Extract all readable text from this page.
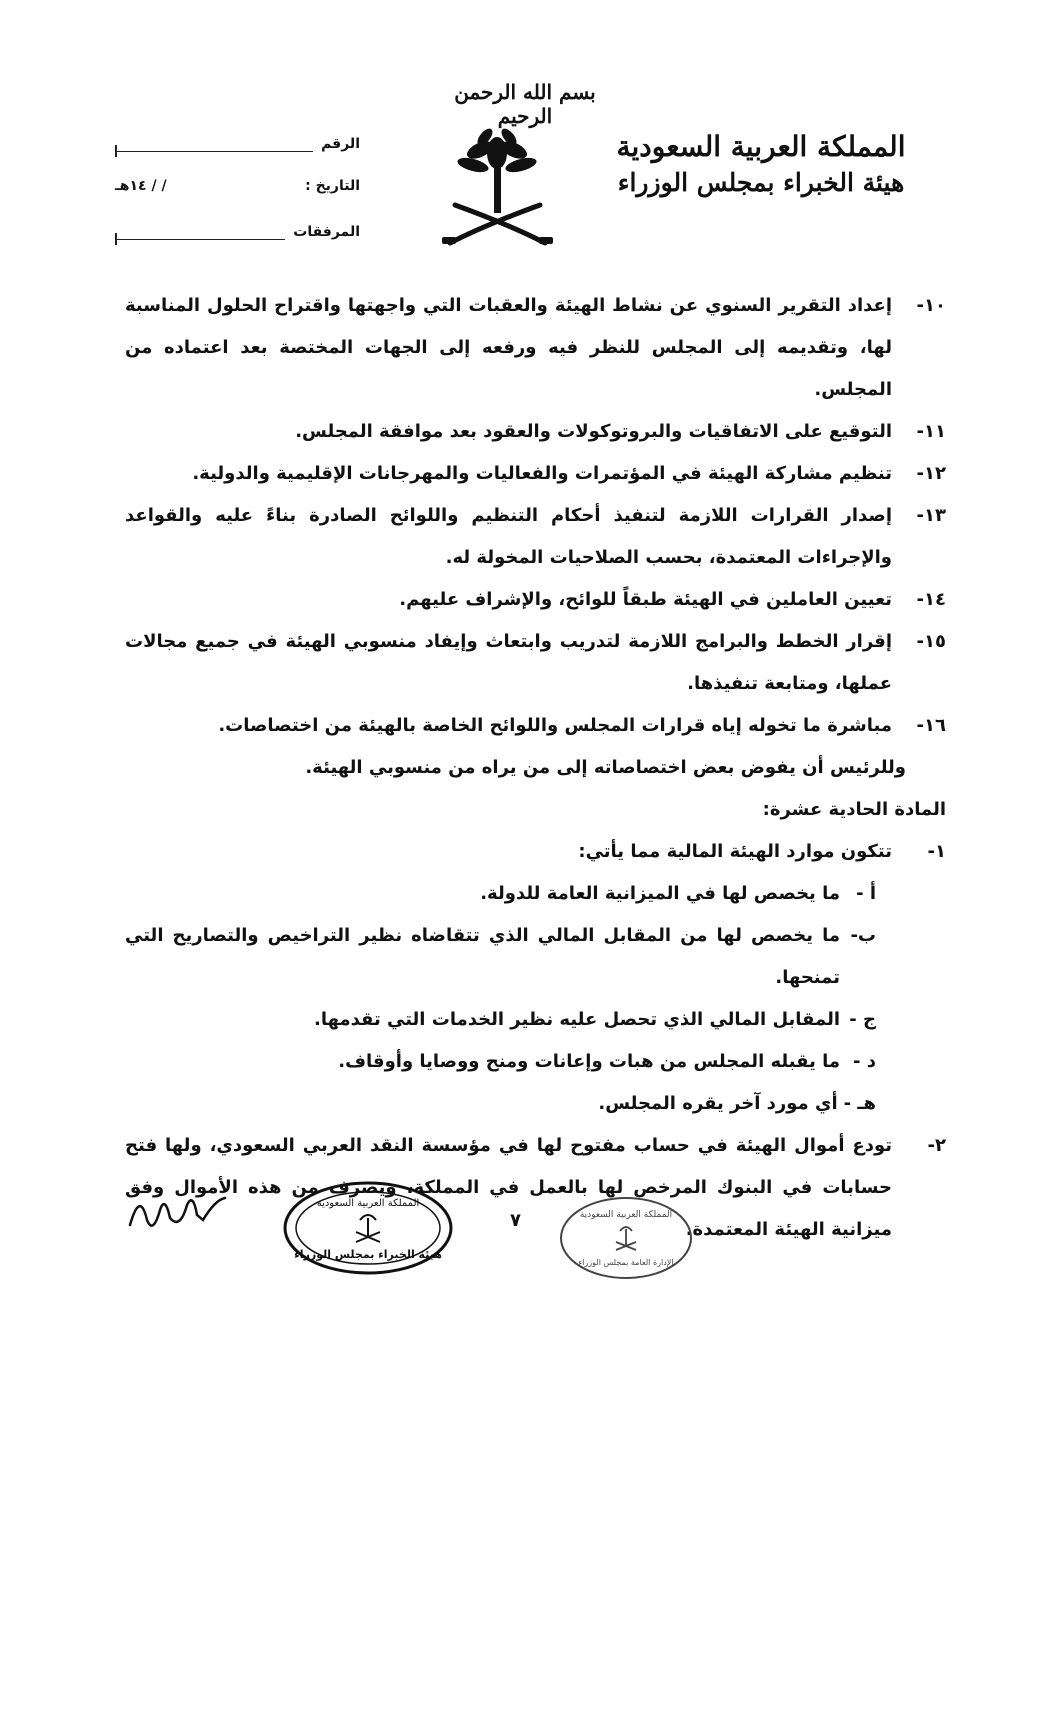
بسم الله الرحمن الرحيم
المملكة العربية السعودية
هيئة الخبراء بمجلس الوزراء
الرقم
التاريخ :
/ / ١٤هـ
المرفقات
١٠-
إعداد التقرير السنوي عن نشاط الهيئة والعقبات التي واجهتها واقتراح الحلول المناسبة لها، وتقديمه إلى المجلس للنظر فيه ورفعه إلى الجهات المختصة بعد اعتماده من المجلس.
١١-
التوقيع على الاتفاقيات والبروتوكولات والعقود بعد موافقة المجلس.
١٢-
تنظيم مشاركة الهيئة في المؤتمرات والفعاليات والمهرجانات الإقليمية والدولية.
١٣-
إصدار القرارات اللازمة لتنفيذ أحكام التنظيم واللوائح الصادرة بناءً عليه والقواعد والإجراءات المعتمدة، بحسب الصلاحيات المخولة له.
١٤-
تعيين العاملين في الهيئة طبقاً للوائح، والإشراف عليهم.
١٥-
إقرار الخطط والبرامج اللازمة لتدريب وابتعاث وإيفاد منسوبي الهيئة في جميع مجالات عملها، ومتابعة تنفيذها.
١٦-
مباشرة ما تخوله إياه قرارات المجلس واللوائح الخاصة بالهيئة من اختصاصات.
وللرئيس أن يفوض بعض اختصاصاته إلى من يراه من منسوبي الهيئة.
المادة الحادية عشرة:
١-
تتكون موارد الهيئة المالية مما يأتي:
أ -
ما يخصص لها في الميزانية العامة للدولة.
ب-
ما يخصص لها من المقابل المالي الذي تتقاضاه نظير التراخيص والتصاريح التي تمنحها.
ج -
المقابل المالي الذي تحصل عليه نظير الخدمات التي تقدمها.
د -
ما يقبله المجلس من هبات وإعانات ومنح ووصايا وأوقاف.
هـ -
أي مورد آخر يقره المجلس.
٢-
تودع أموال الهيئة في حساب مفتوح لها في مؤسسة النقد العربي السعودي، ولها فتح حسابات في البنوك المرخص لها بالعمل في المملكة، ويصرف من هذه الأموال وفق ميزانية الهيئة المعتمدة.
المملكة العربية السعودية
هيئة الخبراء بمجلس الوزراء
٧	المملكة العربية السعودية
الإدارة العامة بمجلس الوزراء
